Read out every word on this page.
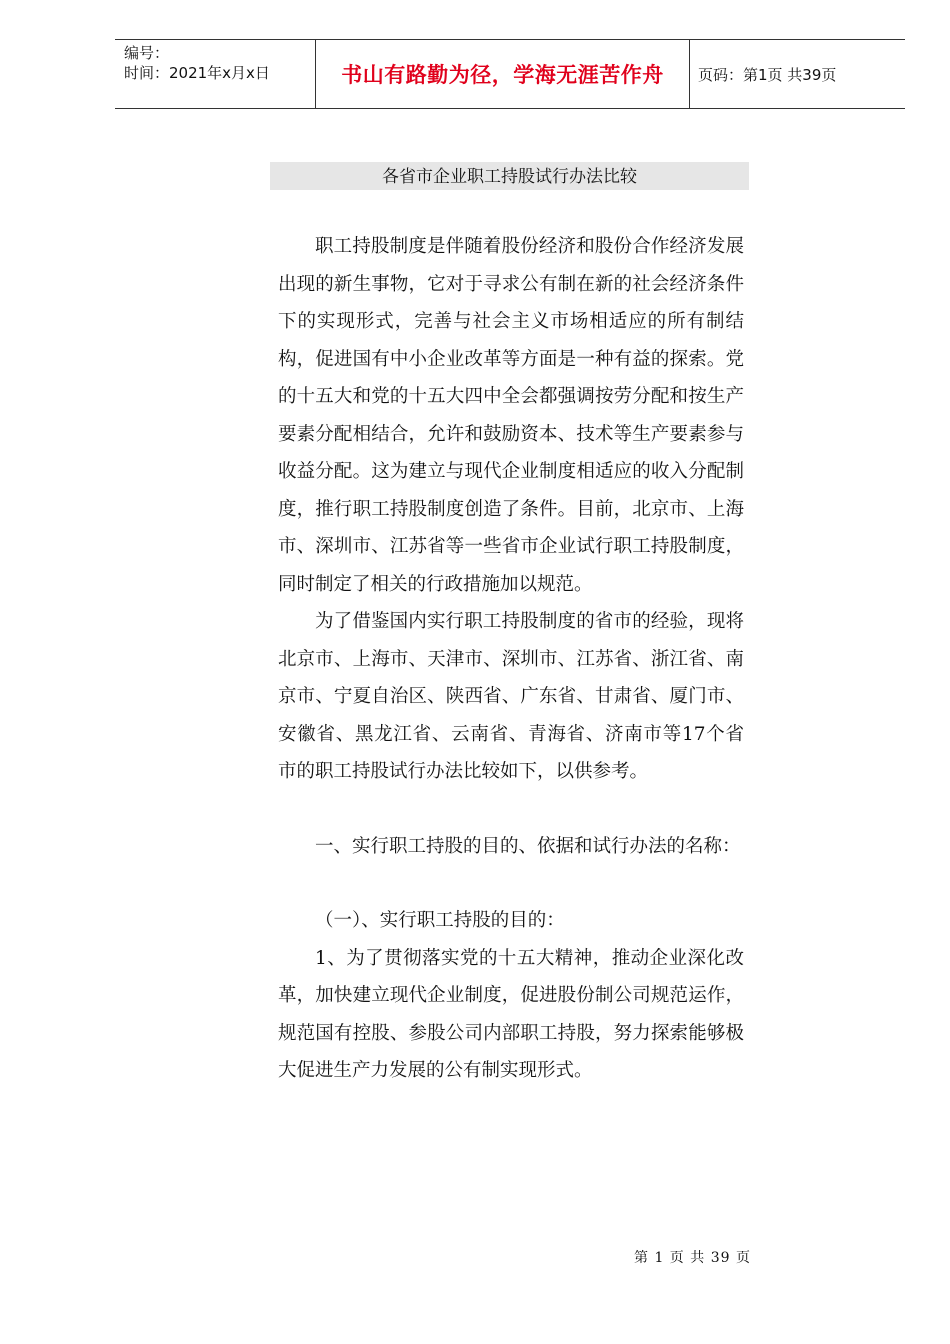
编号：
时间：2021年x月x日	书山有路勤为径，学海无涯苦作舟 页码：第1页 共39页
各省市企业职工持股试行办法比较

职工持股制度是伴随着股份经济和股份合作经济发展出现的新生事物，它对于寻求公有制在新的社会经济条件下的实现形式，完善与社会主义市场相适应的所有制结构，促进国有中小企业改革等方面是一种有益的探索。党的十五大和党的十五大四中全会都强调按劳分配和按生产要素分配相结合，允许和鼓励资本、技术等生产要素参与收益分配。这为建立与现代企业制度相适应的收入分配制度，推行职工持股制度创造了条件。目前，北京市、上海市、深圳市、江苏省等一些省市企业试行职工持股制度，同时制定了相关的行政措施加以规范。

为了借鉴国内实行职工持股制度的省市的经验，现将北京市、上海市、天津市、深圳市、江苏省、浙江省、南京市、宁夏自治区、陕西省、广东省、甘肃省、厦门市、安徽省、黑龙江省、云南省、青海省、济南市等17个省市的职工持股试行办法比较如下，以供参考。

一、实行职工持股的目的、依据和试行办法的名称：

（一）、实行职工持股的目的：

1、为了贯彻落实党的十五大精神，推动企业深化改革，加快建立现代企业制度，促进股份制公司规范运作，规范国有控股、参股公司内部职工持股，努力探索能够极大促进生产力发展的公有制实现形式。

第 1 页 共 39 页
